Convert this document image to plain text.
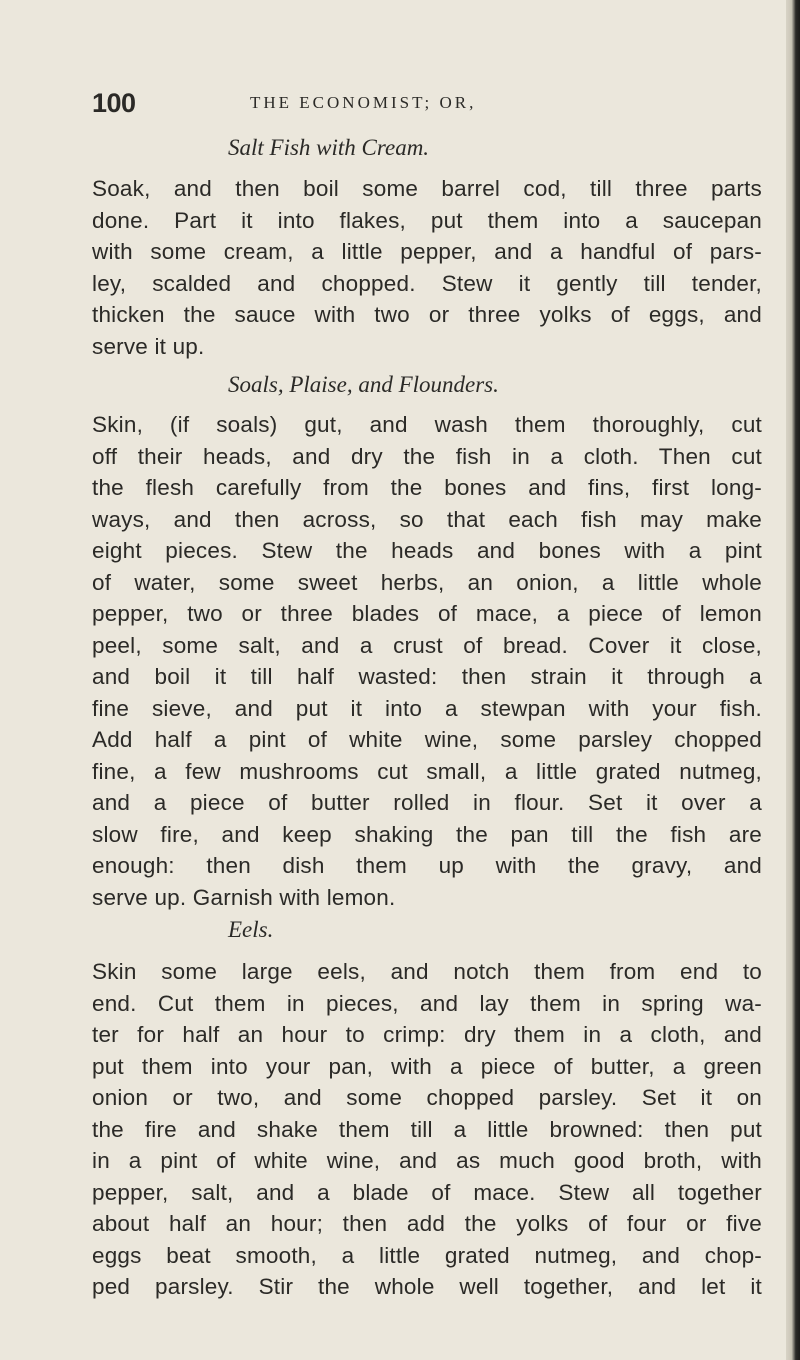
100	THE ECONOMIST; OR,
Salt Fish with Cream.
Soak, and then boil some barrel cod, till three parts
done. Part it into flakes, put them into a saucepan
with some cream, a little pepper, and a handful of pars-
ley, scalded and chopped. Stew it gently till tender,
thicken the sauce with two or three yolks of eggs, and
serve it up.
Soals, Plaise, and Flounders.
Skin, (if soals) gut, and wash them thoroughly, cut
off their heads, and dry the fish in a cloth. Then cut
the flesh carefully from the bones and fins, first long-
ways, and then across, so that each fish may make
eight pieces. Stew the heads and bones with a pint
of water, some sweet herbs, an onion, a little whole
pepper, two or three blades of mace, a piece of lemon
peel, some salt, and a crust of bread. Cover it close,
and boil it till half wasted: then strain it through a
fine sieve, and put it into a stewpan with your fish.
Add half a pint of white wine, some parsley chopped
fine, a few mushrooms cut small, a little grated nutmeg,
and a piece of butter rolled in flour. Set it over a
slow fire, and keep shaking the pan till the fish are
enough: then dish them up with the gravy, and
serve up. Garnish with lemon.
Eels.
Skin some large eels, and notch them from end to
end. Cut them in pieces, and lay them in spring wa-
ter for half an hour to crimp: dry them in a cloth, and
put them into your pan, with a piece of butter, a green
onion or two, and some chopped parsley. Set it on
the fire and shake them till a little browned: then put
in a pint of white wine, and as much good broth, with
pepper, salt, and a blade of mace. Stew all together
about half an hour; then add the yolks of four or five
eggs beat smooth, a little grated nutmeg, and chop-
ped parsley. Stir the whole well together, and let it
